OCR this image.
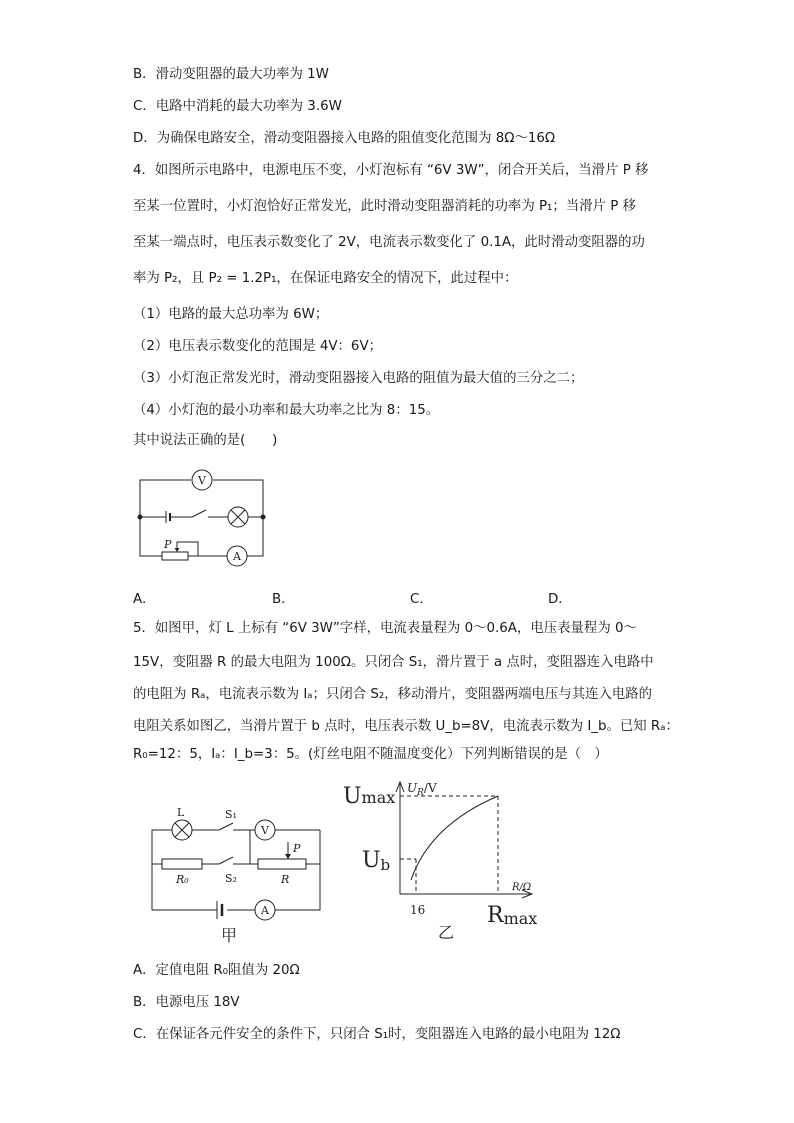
B．滑动变阻器的最大功率为 1W
C．电路中消耗的最大功率为 3.6W
D．为确保电路安全，滑动变阻器接入电路的阻值变化范围为 8Ω～16Ω
4．如图所示电路中，电源电压不变，小灯泡标有 “6V 3W”，闭合开关后，当滑片 P 移
至某一位置时，小灯泡恰好正常发光，此时滑动变阻器消耗的功率为 P₁；当滑片 P 移
至某一端点时，电压表示数变化了 2V，电流表示数变化了 0.1A，此时滑动变阻器的功
率为 P₂，且 P₂ = 1.2P₁，在保证电路安全的情况下，此过程中：
（1）电路的最大总功率为 6W；
（2）电压表示数变化的范围是 4V：6V；
（3）小灯泡正常发光时，滑动变阻器接入电路的阻值为最大值的三分之二；
（4）小灯泡的最小功率和最大功率之比为 8：15。
其中说法正确的是(　　)
V
P
A
A．	B．	C．	D．
5．如图甲，灯 L 上标有 “6V 3W”字样，电流表量程为 0～0.6A，电压表量程为 0～
15V，变阻器 R 的最大电阻为 100Ω。只闭合 S₁，滑片置于 a 点时，变阻器连入电路中
的电阻为 Rₐ，电流表示数为 Iₐ；只闭合 S₂，移动滑片，变阻器两端电压与其连入电路的
电阻关系如图乙，当滑片置于 b 点时，电压表示数 U_b=8V，电流表示数为 I_b。已知 Rₐ：
R₀=12：5，Iₐ：I_b=3：5。(灯丝电阻不随温度变化）下列判断错误的是（　）
L	S₁
V
R₀	S₂
P
R
A
甲
Umax
Ub
$U_R/V$
R/Ω
16	Rmax
乙
A．定值电阻 R₀阻值为 20Ω
B．电源电压 18V
C．在保证各元件安全的条件下，只闭合 S₁时，变阻器连入电路的最小电阻为 12Ω
